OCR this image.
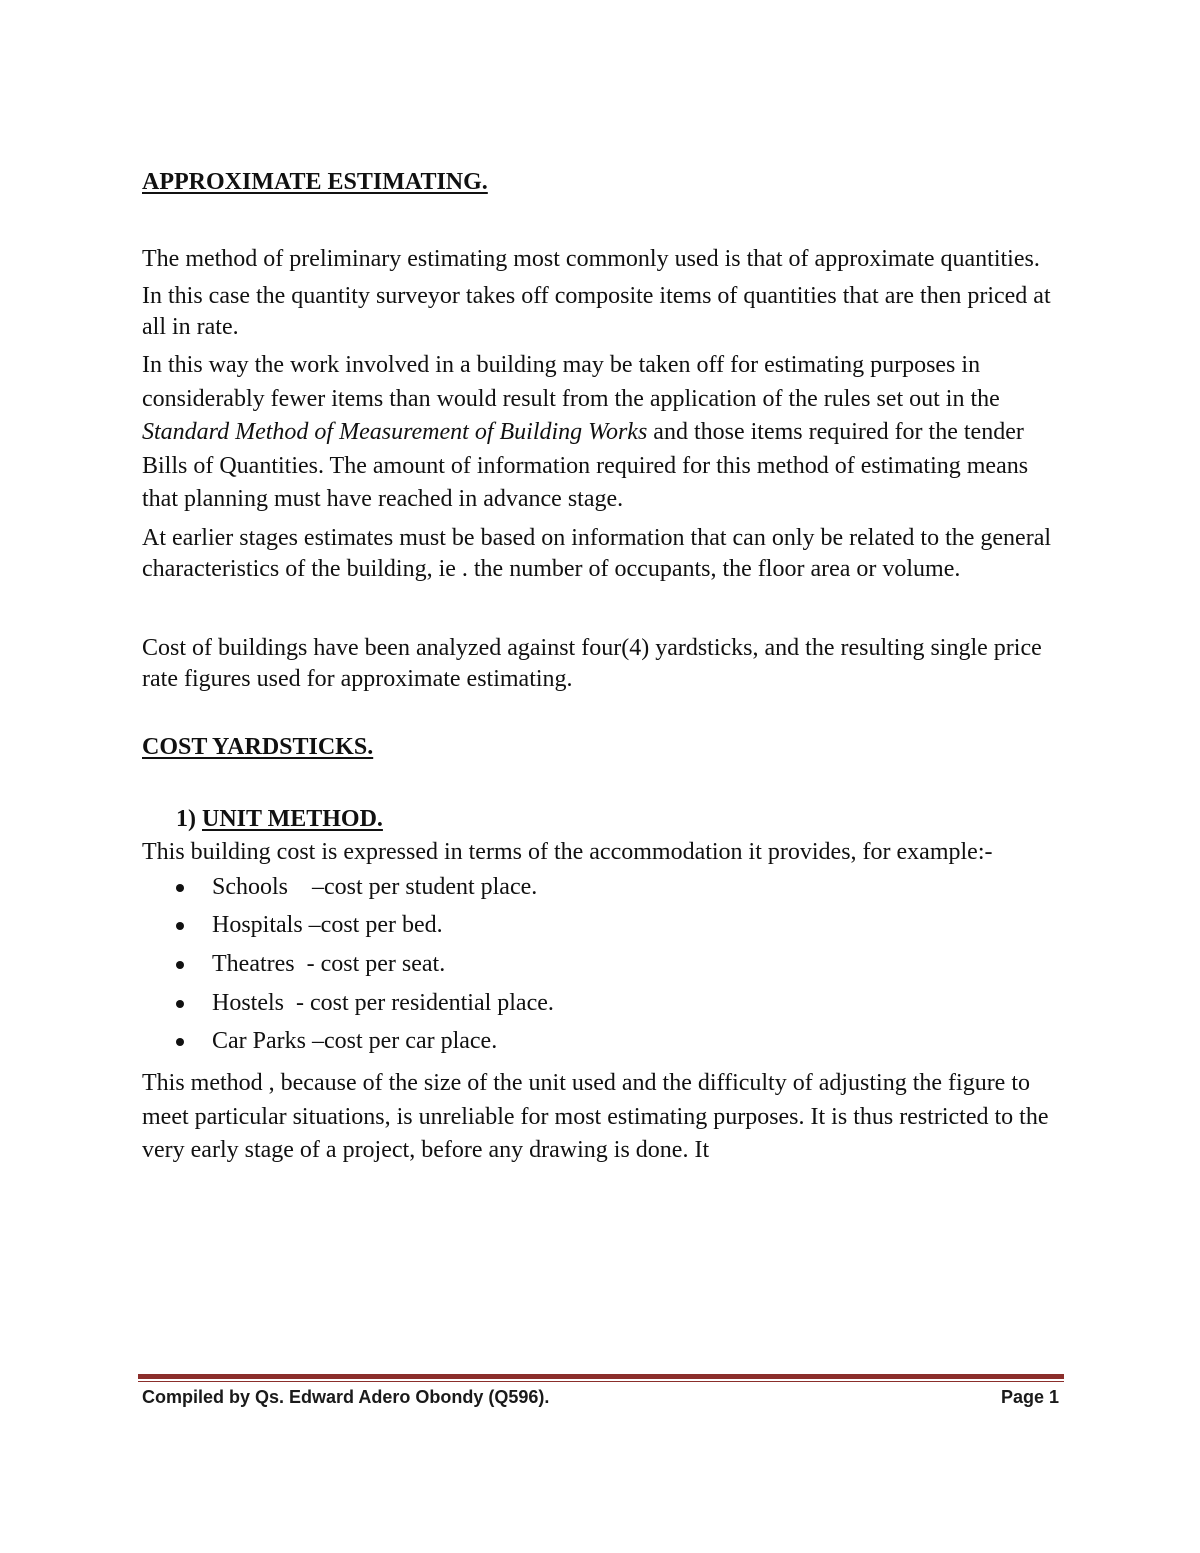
APPROXIMATE ESTIMATING.

The method of preliminary estimating most commonly used is that of approximate quantities.

In this case the quantity surveyor takes off composite items of quantities that are then priced at all in rate.

In this way the work involved in a building may be taken off for estimating purposes in considerably fewer items than would result from the application of the rules set out in the Standard Method of Measurement of Building Works and those items required for the tender Bills of Quantities. The amount of information required for this method of estimating means that planning must have reached in advance stage.

At earlier stages estimates must be based on information that can only be related to the general characteristics of the building, ie . the number of occupants, the floor area or volume.

Cost of buildings have been analyzed against four(4) yardsticks, and the resulting single price rate figures used for approximate estimating.

COST YARDSTICKS.
1) UNIT METHOD.

This building cost is expressed in terms of the accommodation it provides, for example:-

Schools    –cost per student place.
Hospitals –cost per bed.
Theatres  - cost per seat.
Hostels  - cost per residential place.
Car Parks –cost per car place.

This method , because of the size of the unit used and the difficulty of adjusting the figure to meet particular situations, is unreliable for most estimating purposes. It is thus restricted to the very early stage of a project, before any drawing is done. It

Compiled by Qs. Edward Adero Obondy (Q596).	Page 1
